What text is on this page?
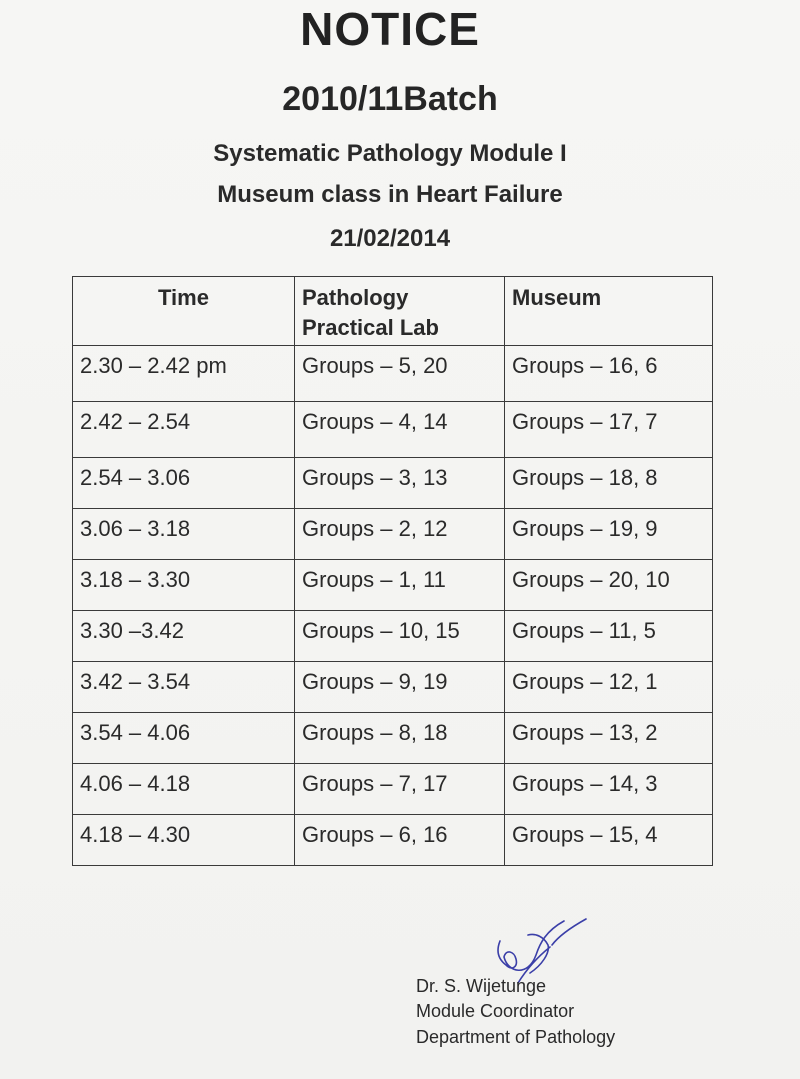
NOTICE
2010/11Batch
Systematic Pathology Module I
Museum class in Heart Failure
21/02/2014
Time	Pathology Practical Lab	Museum
2.30 – 2.42 pm	Groups – 5, 20	Groups – 16, 6
2.42 – 2.54	Groups – 4, 14	Groups – 17, 7
2.54 – 3.06	Groups – 3, 13	Groups – 18, 8
3.06 – 3.18	Groups – 2, 12	Groups – 19, 9
3.18 – 3.30	Groups – 1, 11	Groups – 20, 10
3.30 –3.42	Groups – 10, 15	Groups – 11, 5
3.42 – 3.54	Groups – 9, 19	Groups – 12, 1
3.54 – 4.06	Groups – 8, 18	Groups – 13, 2
4.06 – 4.18	Groups – 7, 17	Groups – 14, 3
4.18 – 4.30	Groups – 6, 16	Groups – 15, 4
Dr. S. Wijetunge
Module Coordinator
Department of Pathology
